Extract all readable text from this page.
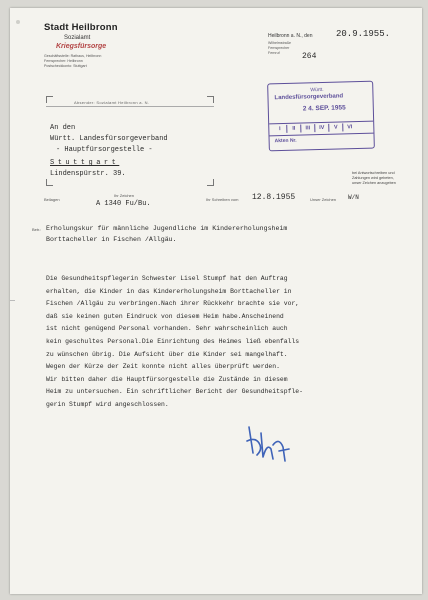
Stadt Heilbronn
Sozialamt
Kriegsfürsorge
Geschäftsstelle: Rathaus, Heilbronn
Fernsprecher: Heilbronn
Postscheckkonto: Stuttgart
Heilbronn a. N., den	20.9.1955.
Wilhelmstraße
Fernsprecher
Fernruf	264
Absender: Sozialamt Heilbronn a. N.
An den
Württ. Landesfürsorgeverband
- Hauptfürsorgestelle -
Stuttgart
Lindenspürstr. 39.
Württ.
Landesfürsorgeverband
2 4. SEP. 1955
I	II	III	IV	V	VI
Akten Nr.
bei Antwortschreiben und
Zahlungen wird gebeten,
unser Zeichen anzugeben
Beilagen
Ihr Zeichen
A 1340 Fu/Bu.
Ihr Schreiben vom 12.8.1955	Unser Zeichen W/N
Betr.: Erholungskur für männliche Jugendliche im Kindererholungsheim
Borttacheller in Fischen /Allgäu.
Die Gesundheitspflegerin Schwester Lisel Stumpf hat den Auftrag
erhalten, die Kinder in das Kindererholungsheim Borttacheller in
Fischen /Allgäu zu verbringen.Nach ihrer Rückkehr brachte sie vor,
daß sie keinen guten Eindruck von diesem Heim habe.Anscheinend
ist nicht genügend Personal vorhanden. Sehr wahrscheinlich auch
kein geschultes Personal.Die Einrichtung des Heimes ließ ebenfalls
zu wünschen übrig. Die Aufsicht über die Kinder sei mangelhaft.
Wegen der Kürze der Zeit konnte nicht alles überprüft werden.
Wir bitten daher die Hauptfürsorgestelle die Zustände in diesem
Heim zu untersuchen. Ein schriftlicher Bericht der Gesundheitspfle-
gerin Stumpf wird angeschlossen.
